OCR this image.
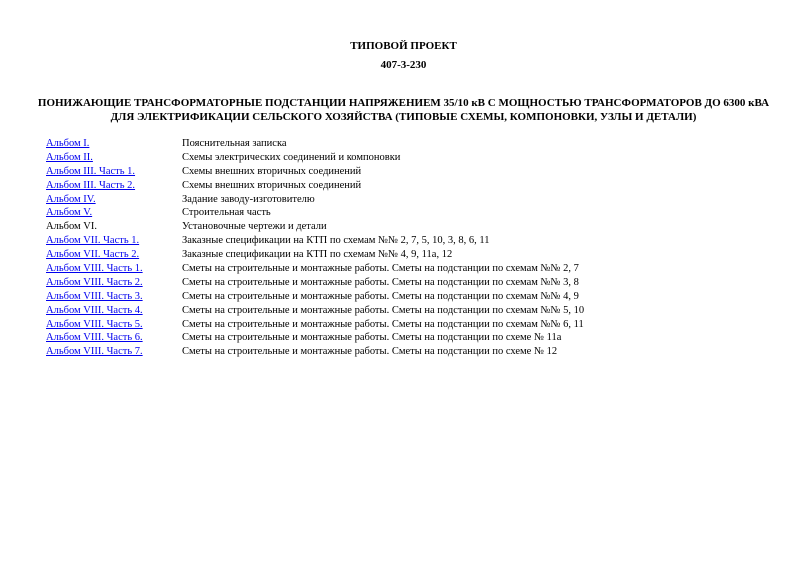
ТИПОВОЙ ПРОЕКТ
407-3-230
ПОНИЖАЮЩИЕ ТРАНСФОРМАТОРНЫЕ ПОДСТАНЦИИ НАПРЯЖЕНИЕМ 35/10 кВ С МОЩНОСТЬЮ ТРАНСФОРМАТОРОВ ДО 6300 кВА
ДЛЯ ЭЛЕКТРИФИКАЦИИ СЕЛЬСКОГО ХОЗЯЙСТВА (ТИПОВЫЕ СХЕМЫ, КОМПОНОВКИ, УЗЛЫ И ДЕТАЛИ)
Альбом I.	Пояснительная записка
Альбом II.	Схемы электрических соединений и компоновки
Альбом III. Часть 1.	Схемы внешних вторичных соединений
Альбом III. Часть 2.	Схемы внешних вторичных соединений
Альбом IV.	Задание заводу-изготовителю
Альбом V.	Строительная часть
Альбом VI.	Установочные чертежи и детали
Альбом VII. Часть 1.	Заказные спецификации на КТП по схемам №№ 2, 7, 5, 10, 3, 8, 6, 11
Альбом VII. Часть 2.	Заказные спецификации на КТП по схемам №№ 4, 9, 11а, 12
Альбом VIII. Часть 1.	Сметы на строительные и монтажные работы. Сметы на подстанции по схемам №№ 2, 7
Альбом VIII. Часть 2.	Сметы на строительные и монтажные работы. Сметы на подстанции по схемам №№ 3, 8
Альбом VIII. Часть 3.	Сметы на строительные и монтажные работы. Сметы на подстанции по схемам №№ 4, 9
Альбом VIII. Часть 4.	Сметы на строительные и монтажные работы. Сметы на подстанции по схемам №№ 5, 10
Альбом VIII. Часть 5.	Сметы на строительные и монтажные работы. Сметы на подстанции по схемам №№ 6, 11
Альбом VIII. Часть 6.	Сметы на строительные и монтажные работы. Сметы на подстанции по схеме № 11а
Альбом VIII. Часть 7.	Сметы на строительные и монтажные работы. Сметы на подстанции по схеме № 12
